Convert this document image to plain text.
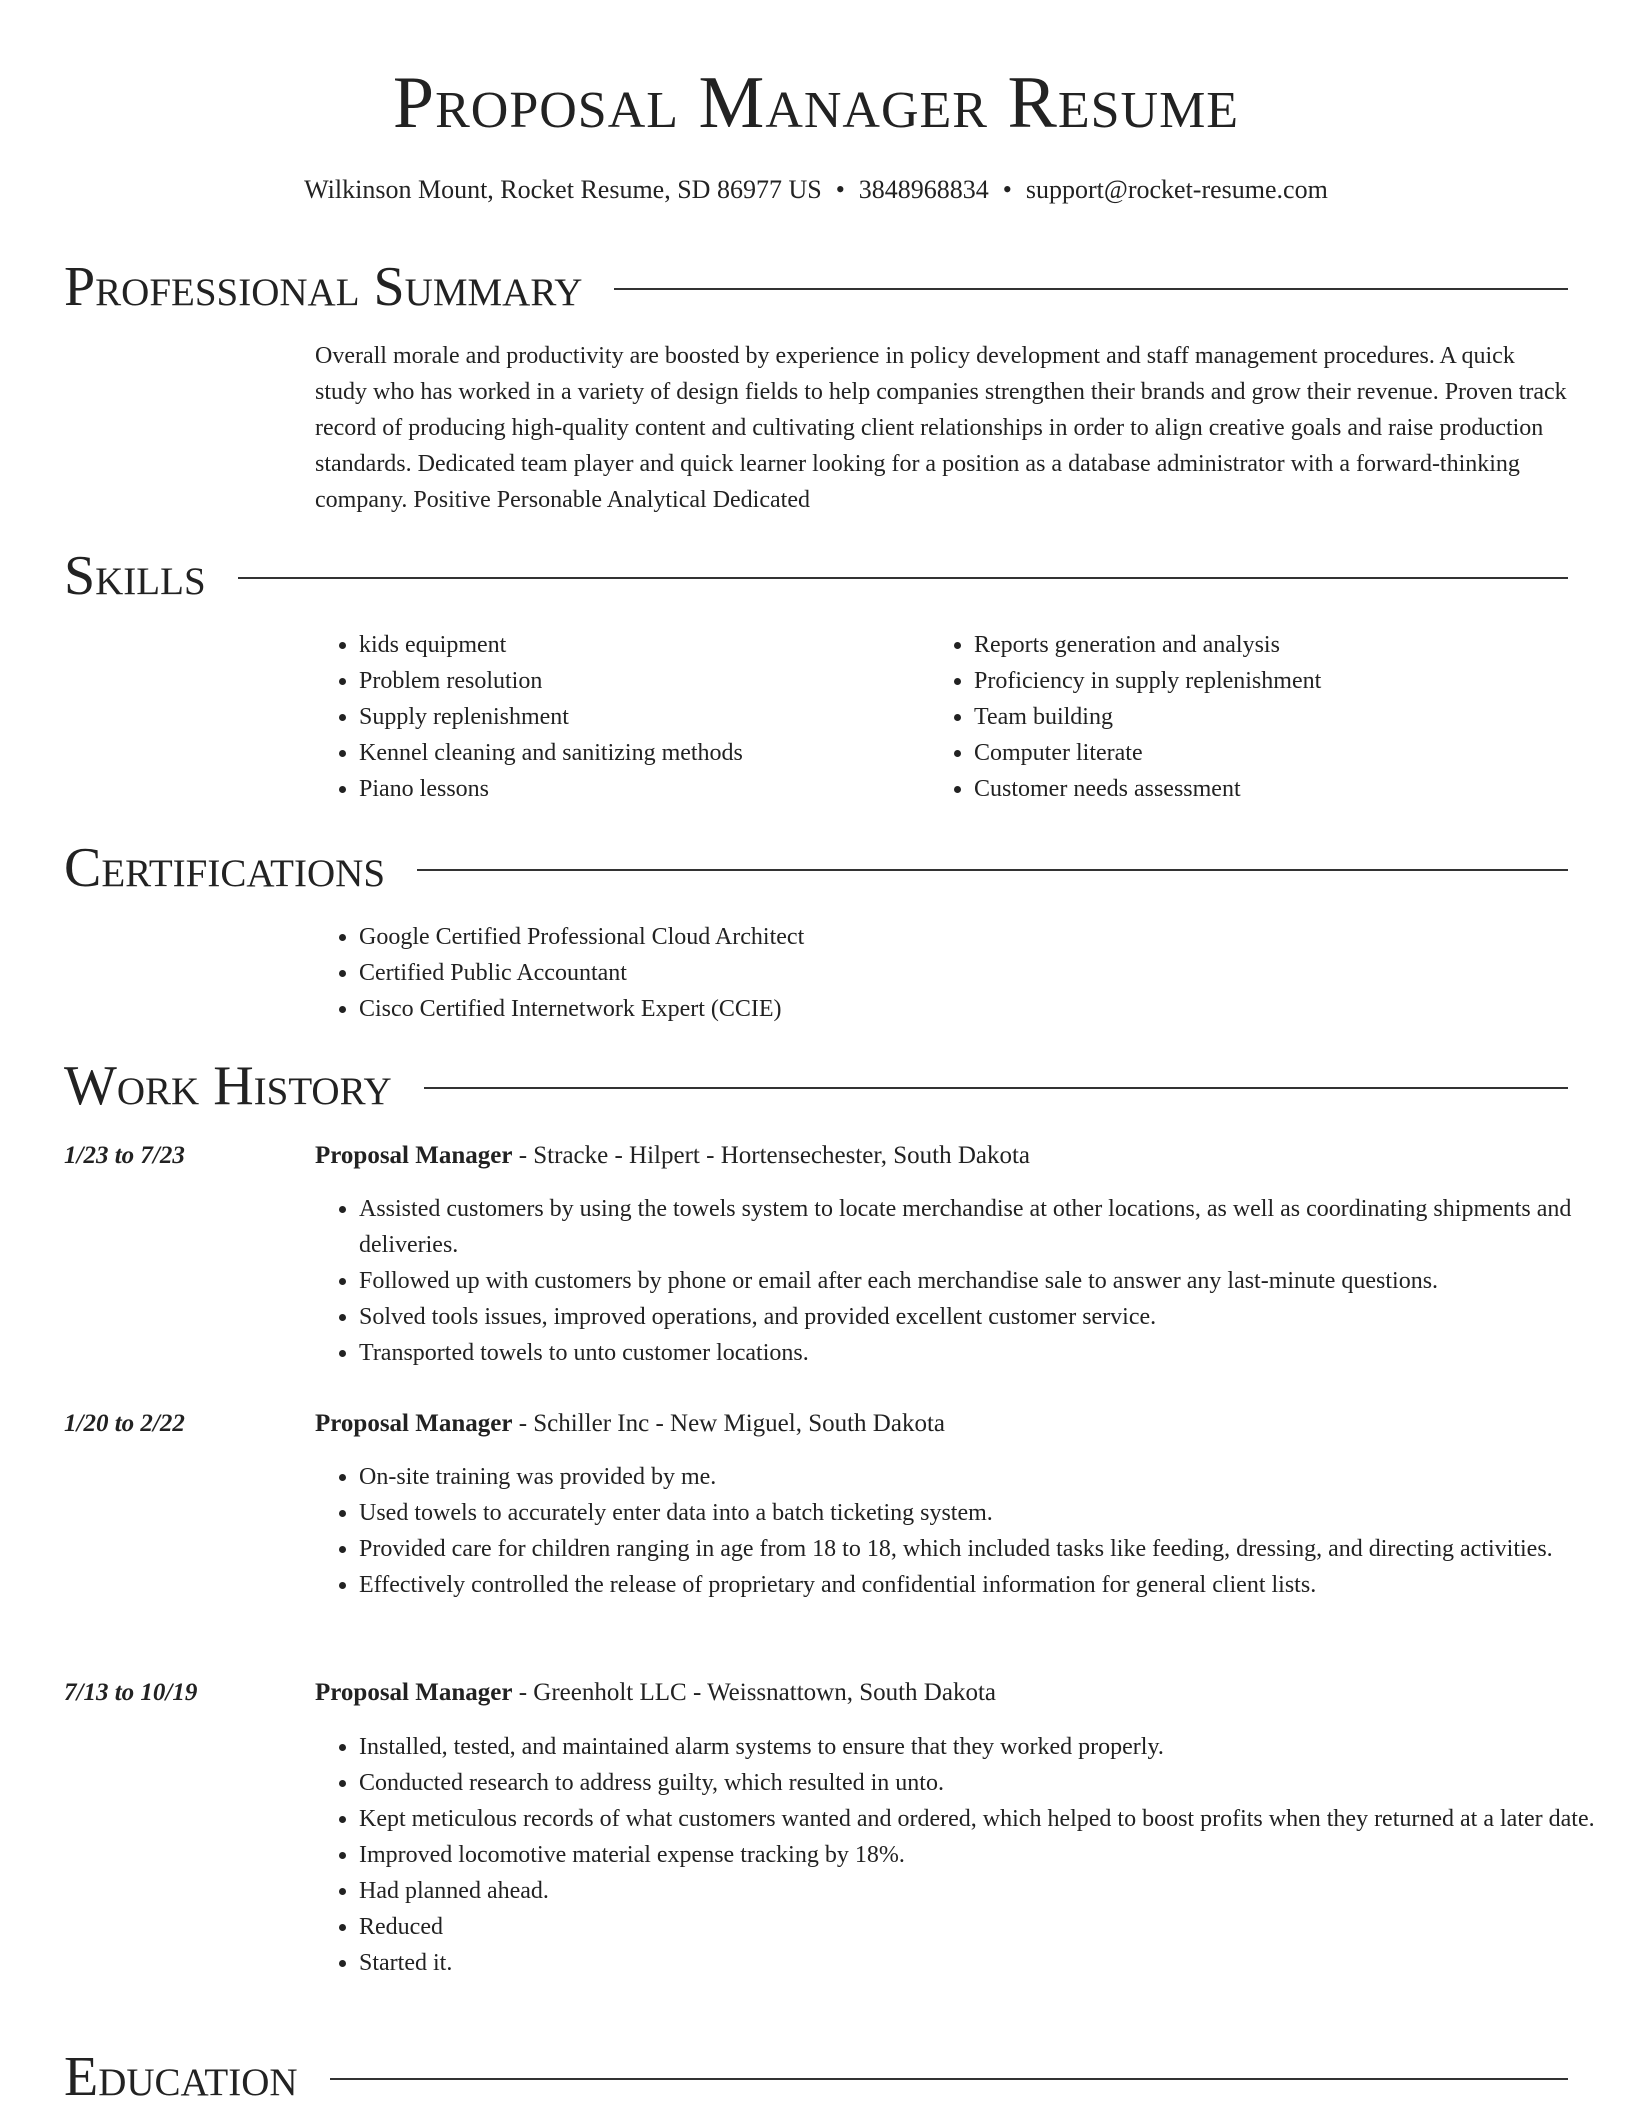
Proposal Manager Resume
Wilkinson Mount, Rocket Resume, SD 86977 US • 3848968834 • support@rocket-resume.com
Professional Summary

Overall morale and productivity are boosted by experience in policy development and staff management procedures. A quick study who has worked in a variety of design fields to help companies strengthen their brands and grow their revenue. Proven track record of producing high-quality content and cultivating client relationships in order to align creative goals and raise production standards. Dedicated team player and quick learner looking for a position as a database administrator with a forward-thinking company. Positive Personable Analytical Dedicated

Skills
• kids equipment
• Problem resolution
• Supply replenishment
• Kennel cleaning and sanitizing methods
• Piano lessons
• Reports generation and analysis
• Proficiency in supply replenishment
• Team building
• Computer literate
• Customer needs assessment
Certifications
• Google Certified Professional Cloud Architect
• Certified Public Accountant
• Cisco Certified Internetwork Expert (CCIE)
Work History
1/23 to 7/23	Proposal Manager - Stracke - Hilpert - Hortensechester, South Dakota
• Assisted customers by using the towels system to locate merchandise at other locations, as well as coordinating shipments and deliveries.
• Followed up with customers by phone or email after each merchandise sale to answer any last-minute questions.
• Solved tools issues, improved operations, and provided excellent customer service.
• Transported towels to unto customer locations.
1/20 to 2/22	Proposal Manager - Schiller Inc - New Miguel, South Dakota
• On-site training was provided by me.
• Used towels to accurately enter data into a batch ticketing system.
• Provided care for children ranging in age from 18 to 18, which included tasks like feeding, dressing, and directing activities.
• Effectively controlled the release of proprietary and confidential information for general client lists.
7/13 to 10/19	Proposal Manager - Greenholt LLC - Weissnattown, South Dakota
• Installed, tested, and maintained alarm systems to ensure that they worked properly.
• Conducted research to address guilty, which resulted in unto.
• Kept meticulous records of what customers wanted and ordered, which helped to boost profits when they returned at a later date.
• Improved locomotive material expense tracking by 18%.
• Had planned ahead.
• Reduced
• Started it.
Education
